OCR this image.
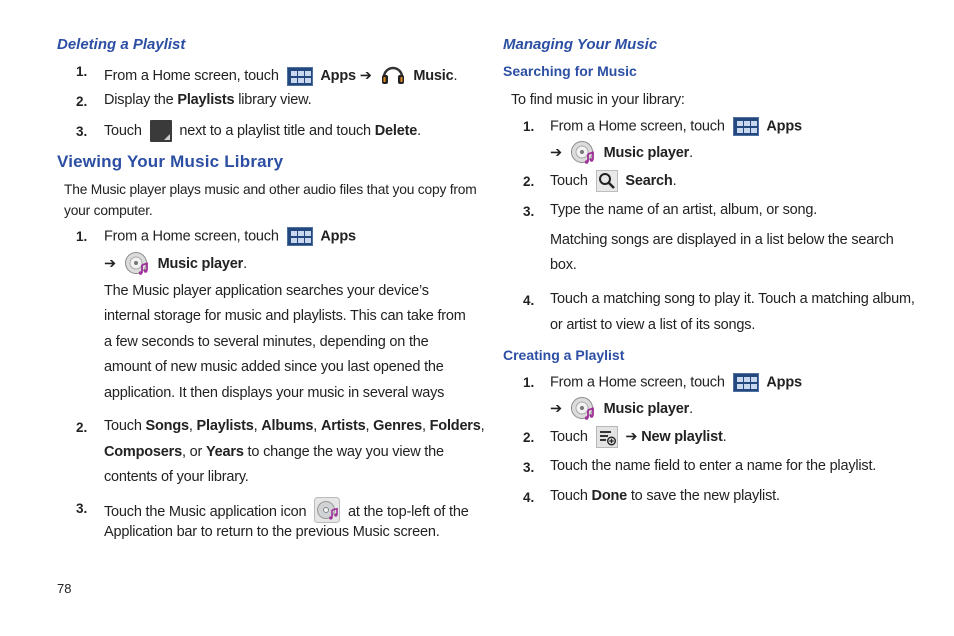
Deleting a Playlist
1. From a Home screen, touch	Apps ➔	Music.
2. Display the Playlists library view.
3. Touch	next to a playlist title and touch Delete.
Viewing Your Music Library
The Music player plays music and other audio files that you copy from
your computer.
1. From a Home screen, touch	Apps
➔	Music player.
The Music player application searches your device’s
internal storage for music and playlists. This can take from
a few seconds to several minutes, depending on the
amount of new music added since you last opened the
application. It then displays your music in several ways
2. Touch Songs, Playlists, Albums, Artists, Genres, Folders,
Composers, or Years to change the way you view the
contents of your library.
3. Touch the Music application icon	at the top-left of the
Application bar to return to the previous Music screen.
78
Managing Your Music
Searching for Music
To find music in your library:
1. From a Home screen, touch	Apps
➔	Music player.
2. Touch	Search.
3. Type the name of an artist, album, or song.
Matching songs are displayed in a list below the search
box.
4. Touch a matching song to play it. Touch a matching album,
or artist to view a list of its songs.
Creating a Playlist
1. From a Home screen, touch	Apps
➔	Music player.
2. Touch	➔ New playlist.
3. Touch the name field to enter a name for the playlist.
4. Touch Done to save the new playlist.
